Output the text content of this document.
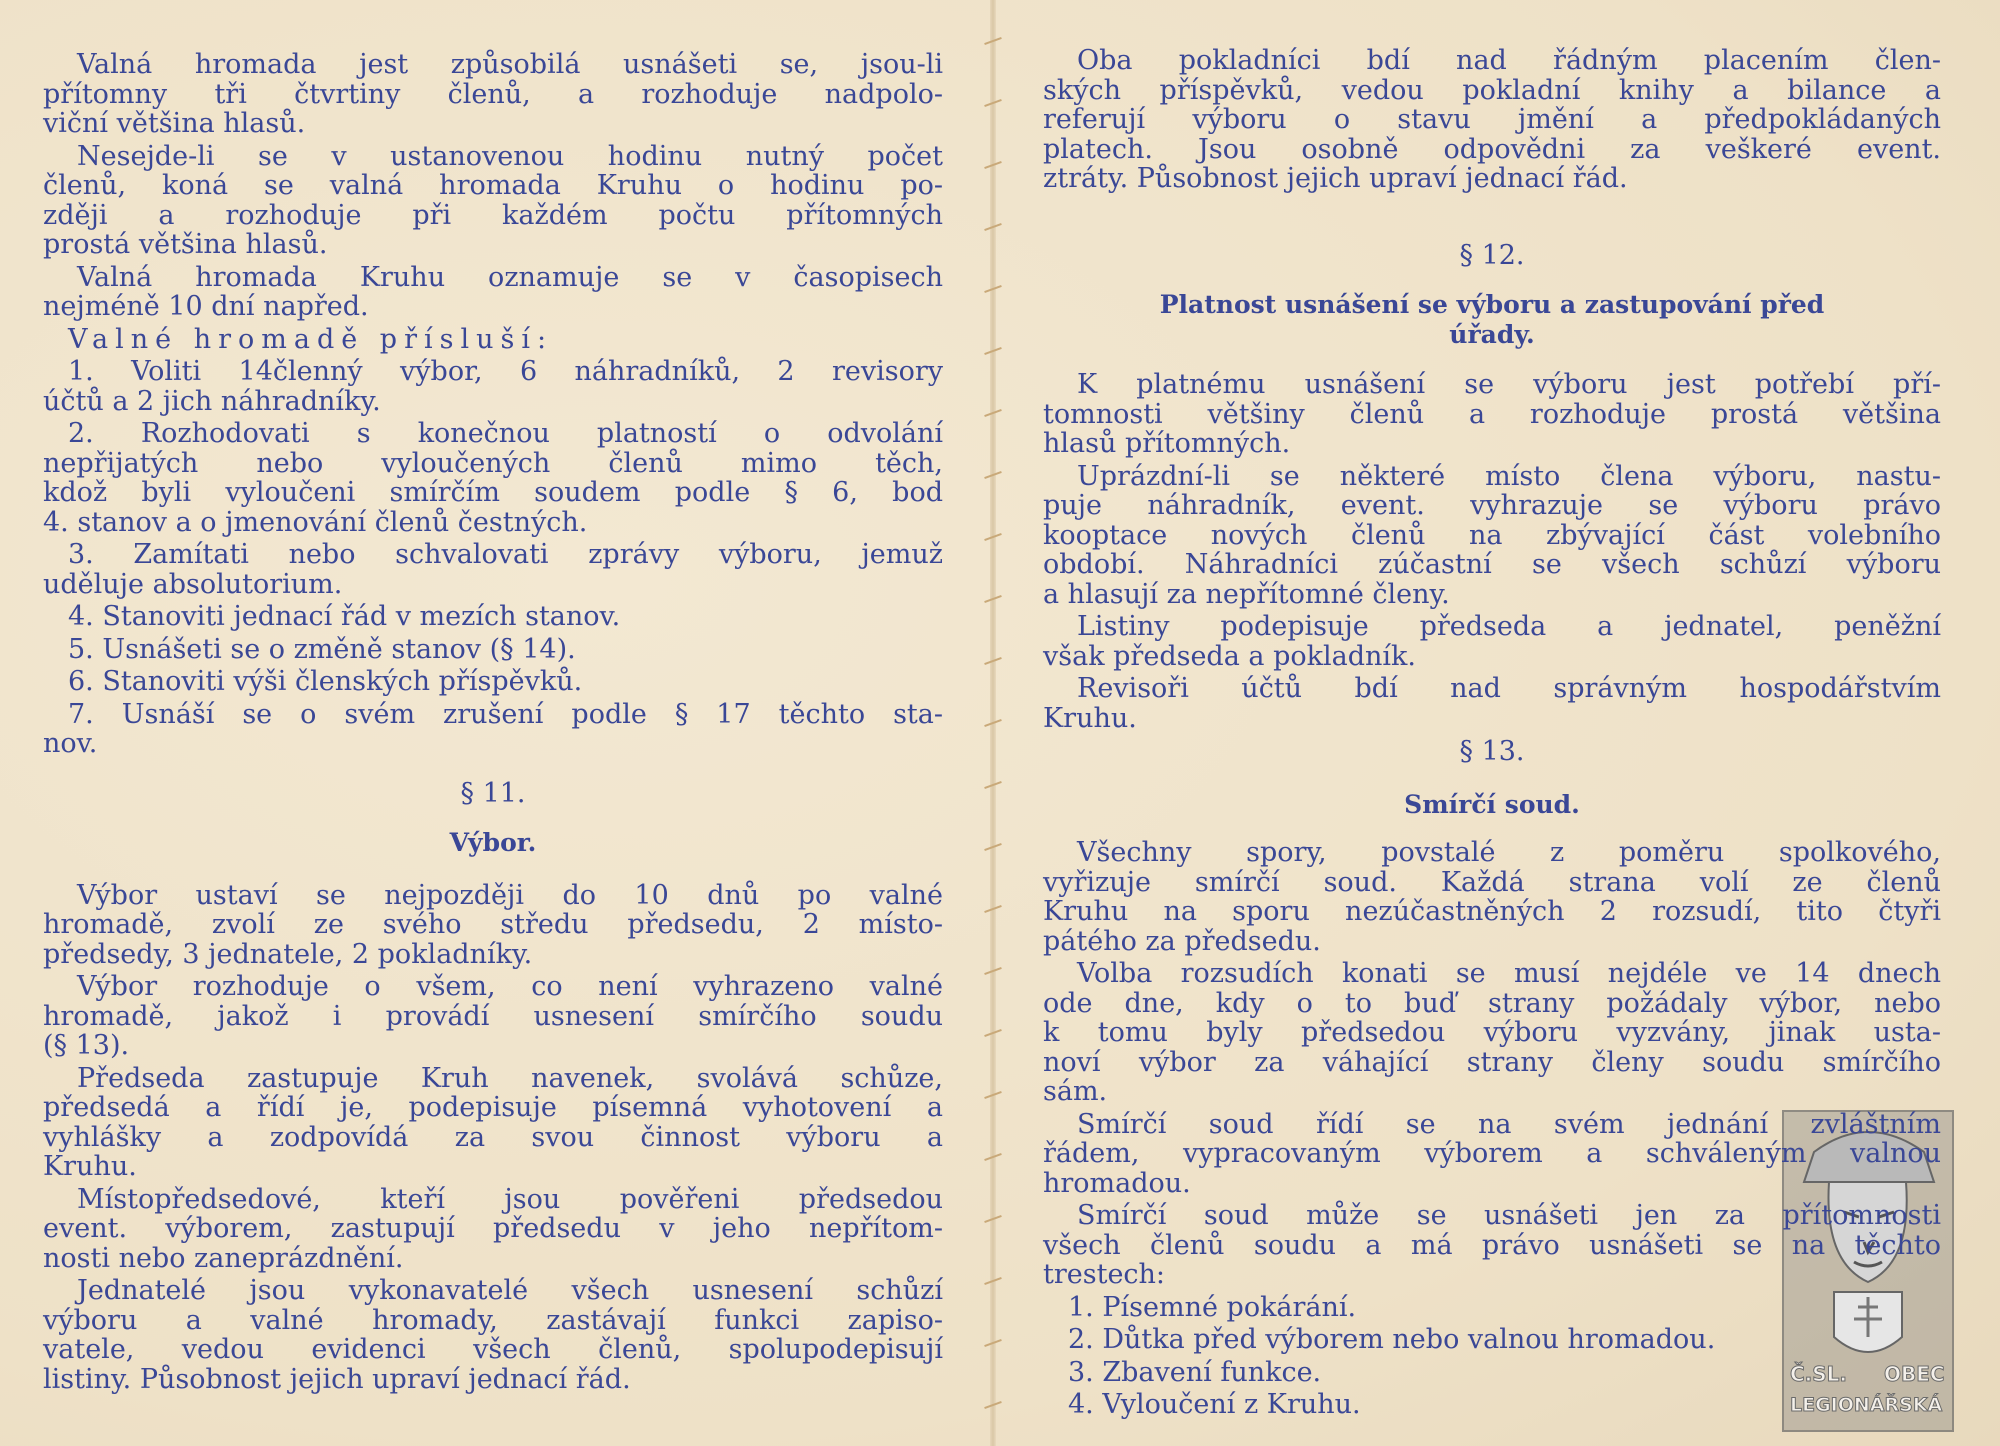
Č.SL. OBEC
LEGIONÁŘSKÁ
Valná hromada jest způsobilá usnášeti se, jsou-li
přítomny tři čtvrtiny členů, a rozhoduje nadpolo-
viční většina hlasů.
Nesejde-li se v ustanovenou hodinu nutný počet
členů, koná se valná hromada Kruhu o hodinu po-
zději a rozhoduje při každém počtu přítomných
prostá většina hlasů.
Valná hromada Kruhu oznamuje se v časopisech
nejméně 10 dní napřed.
Valné hromadě přísluší:
1. Voliti 14členný výbor, 6 náhradníků, 2 revisory
účtů a 2 jich náhradníky.
2. Rozhodovati s konečnou platností o odvolání
nepřijatých nebo vyloučených členů mimo těch,
kdož byli vyloučeni smírčím soudem podle § 6, bod
4. stanov a o jmenování členů čestných.
3. Zamítati nebo schvalovati zprávy výboru, jemuž
uděluje absolutorium.
4. Stanoviti jednací řád v mezích stanov.
5. Usnášeti se o změně stanov (§ 14).
6. Stanoviti výši členských příspěvků.
7. Usnáší se o svém zrušení podle § 17 těchto sta-
nov.
§ 11.
Výbor.
Výbor ustaví se nejpozději do 10 dnů po valné
hromadě, zvolí ze svého středu předsedu, 2 místo-
předsedy, 3 jednatele, 2 pokladníky.
Výbor rozhoduje o všem, co není vyhrazeno valné
hromadě, jakož i provádí usnesení smírčího soudu
(§ 13).
Předseda zastupuje Kruh navenek, svolává schůze,
předsedá a řídí je, podepisuje písemná vyhotovení a
vyhlášky a zodpovídá za svou činnost výboru a
Kruhu.
Místopředsedové, kteří jsou pověřeni předsedou
event. výborem, zastupují předsedu v jeho nepřítom-
nosti nebo zaneprázdnění.
Jednatelé jsou vykonavatelé všech usnesení schůzí
výboru a valné hromady, zastávají funkci zapiso-
vatele, vedou evidenci všech členů, spolupodepisují
listiny. Působnost jejich upraví jednací řád.
Oba pokladníci bdí nad řádným placením člen-
ských příspěvků, vedou pokladní knihy a bilance a
referují výboru o stavu jmění a předpokládaných
platech. Jsou osobně odpovědni za veškeré event.
ztráty. Působnost jejich upraví jednací řád.
§ 12.
Platnost usnášení se výboru a zastupování před
úřady.
K platnému usnášení se výboru jest potřebí pří-
tomnosti většiny členů a rozhoduje prostá většina
hlasů přítomných.
Uprázdní-li se některé místo člena výboru, nastu-
puje náhradník, event. vyhrazuje se výboru právo
kooptace nových členů na zbývající část volebního
období. Náhradníci zúčastní se všech schůzí výboru
a hlasují za nepřítomné členy.
Listiny podepisuje předseda a jednatel, peněžní
však předseda a pokladník.
Revisoři účtů bdí nad správným hospodářstvím
Kruhu.
§ 13.
Smírčí soud.
Všechny spory, povstalé z poměru spolkového,
vyřizuje smírčí soud. Každá strana volí ze členů
Kruhu na sporu nezúčastněných 2 rozsudí, tito čtyři
pátého za předsedu.
Volba rozsudích konati se musí nejdéle ve 14 dnech
ode dne, kdy o to buď strany požádaly výbor, nebo
k tomu byly předsedou výboru vyzvány, jinak usta-
noví výbor za váhající strany členy soudu smírčího
sám.
Smírčí soud řídí se na svém jednání zvláštním
řádem, vypracovaným výborem a schváleným valnou
hromadou.
Smírčí soud může se usnášeti jen za přítomnosti
všech členů soudu a má právo usnášeti se na těchto
trestech:
1. Písemné pokárání.
2. Důtka před výborem nebo valnou hromadou.
3. Zbavení funkce.
4. Vyloučení z Kruhu.
